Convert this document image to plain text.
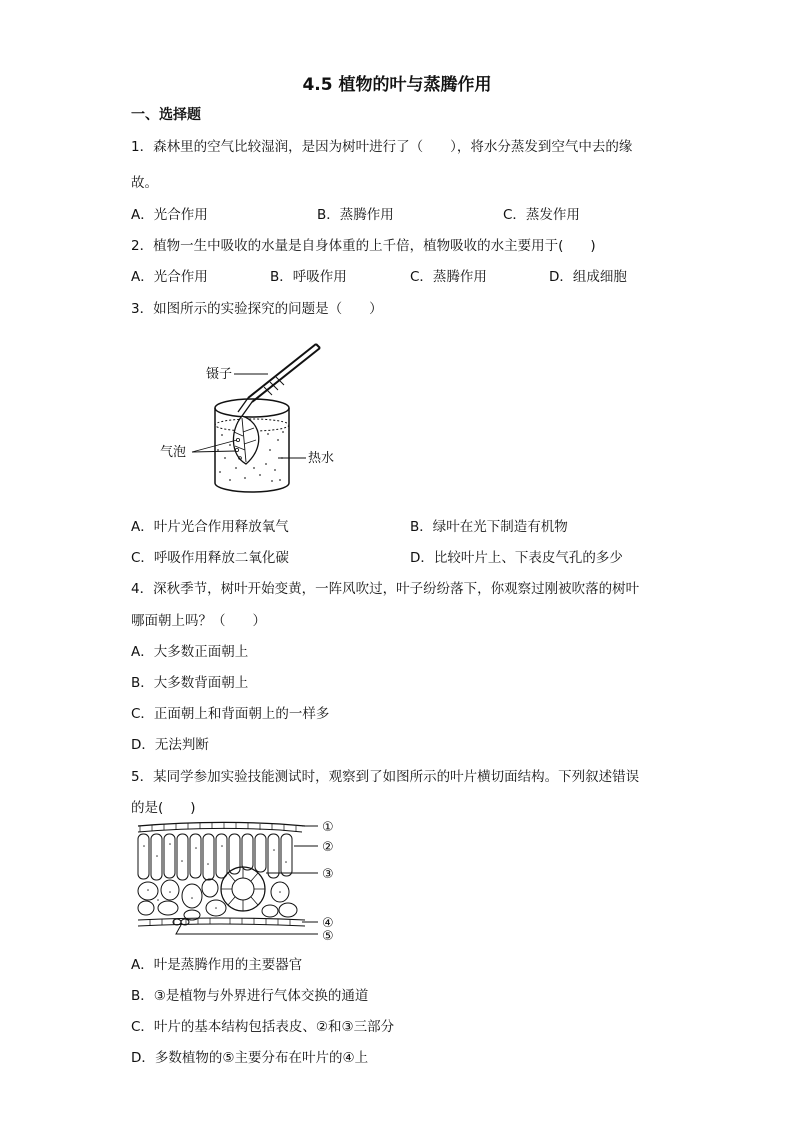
4.5 植物的叶与蒸腾作用
一、选择题
1．森林里的空气比较湿润，是因为树叶进行了（　　），将水分蒸发到空气中去的缘
故。
A．光合作用	B．蒸腾作用	C．蒸发作用
2．植物一生中吸收的水量是自身体重的上千倍，植物吸收的水主要用于(　　)
A．光合作用	B．呼吸作用	C．蒸腾作用	D．组成细胞
3．如图所示的实验探究的问题是（　　）
镊子
气泡	热水
A．叶片光合作用释放氧气	B．绿叶在光下制造有机物
C．呼吸作用释放二氧化碳	D．比较叶片上、下表皮气孔的多少
4．深秋季节，树叶开始变黄，一阵风吹过，叶子纷纷落下，你观察过刚被吹落的树叶
哪面朝上吗？（　　）
A．大多数正面朝上
B．大多数背面朝上
C．正面朝上和背面朝上的一样多
D．无法判断
5．某同学参加实验技能测试时，观察到了如图所示的叶片横切面结构。下列叙述错误
的是(　　)
①
②
③
④
⑤
A．叶是蒸腾作用的主要器官
B．③是植物与外界进行气体交换的通道
C．叶片的基本结构包括表皮、②和③三部分
D．多数植物的⑤主要分布在叶片的④上
